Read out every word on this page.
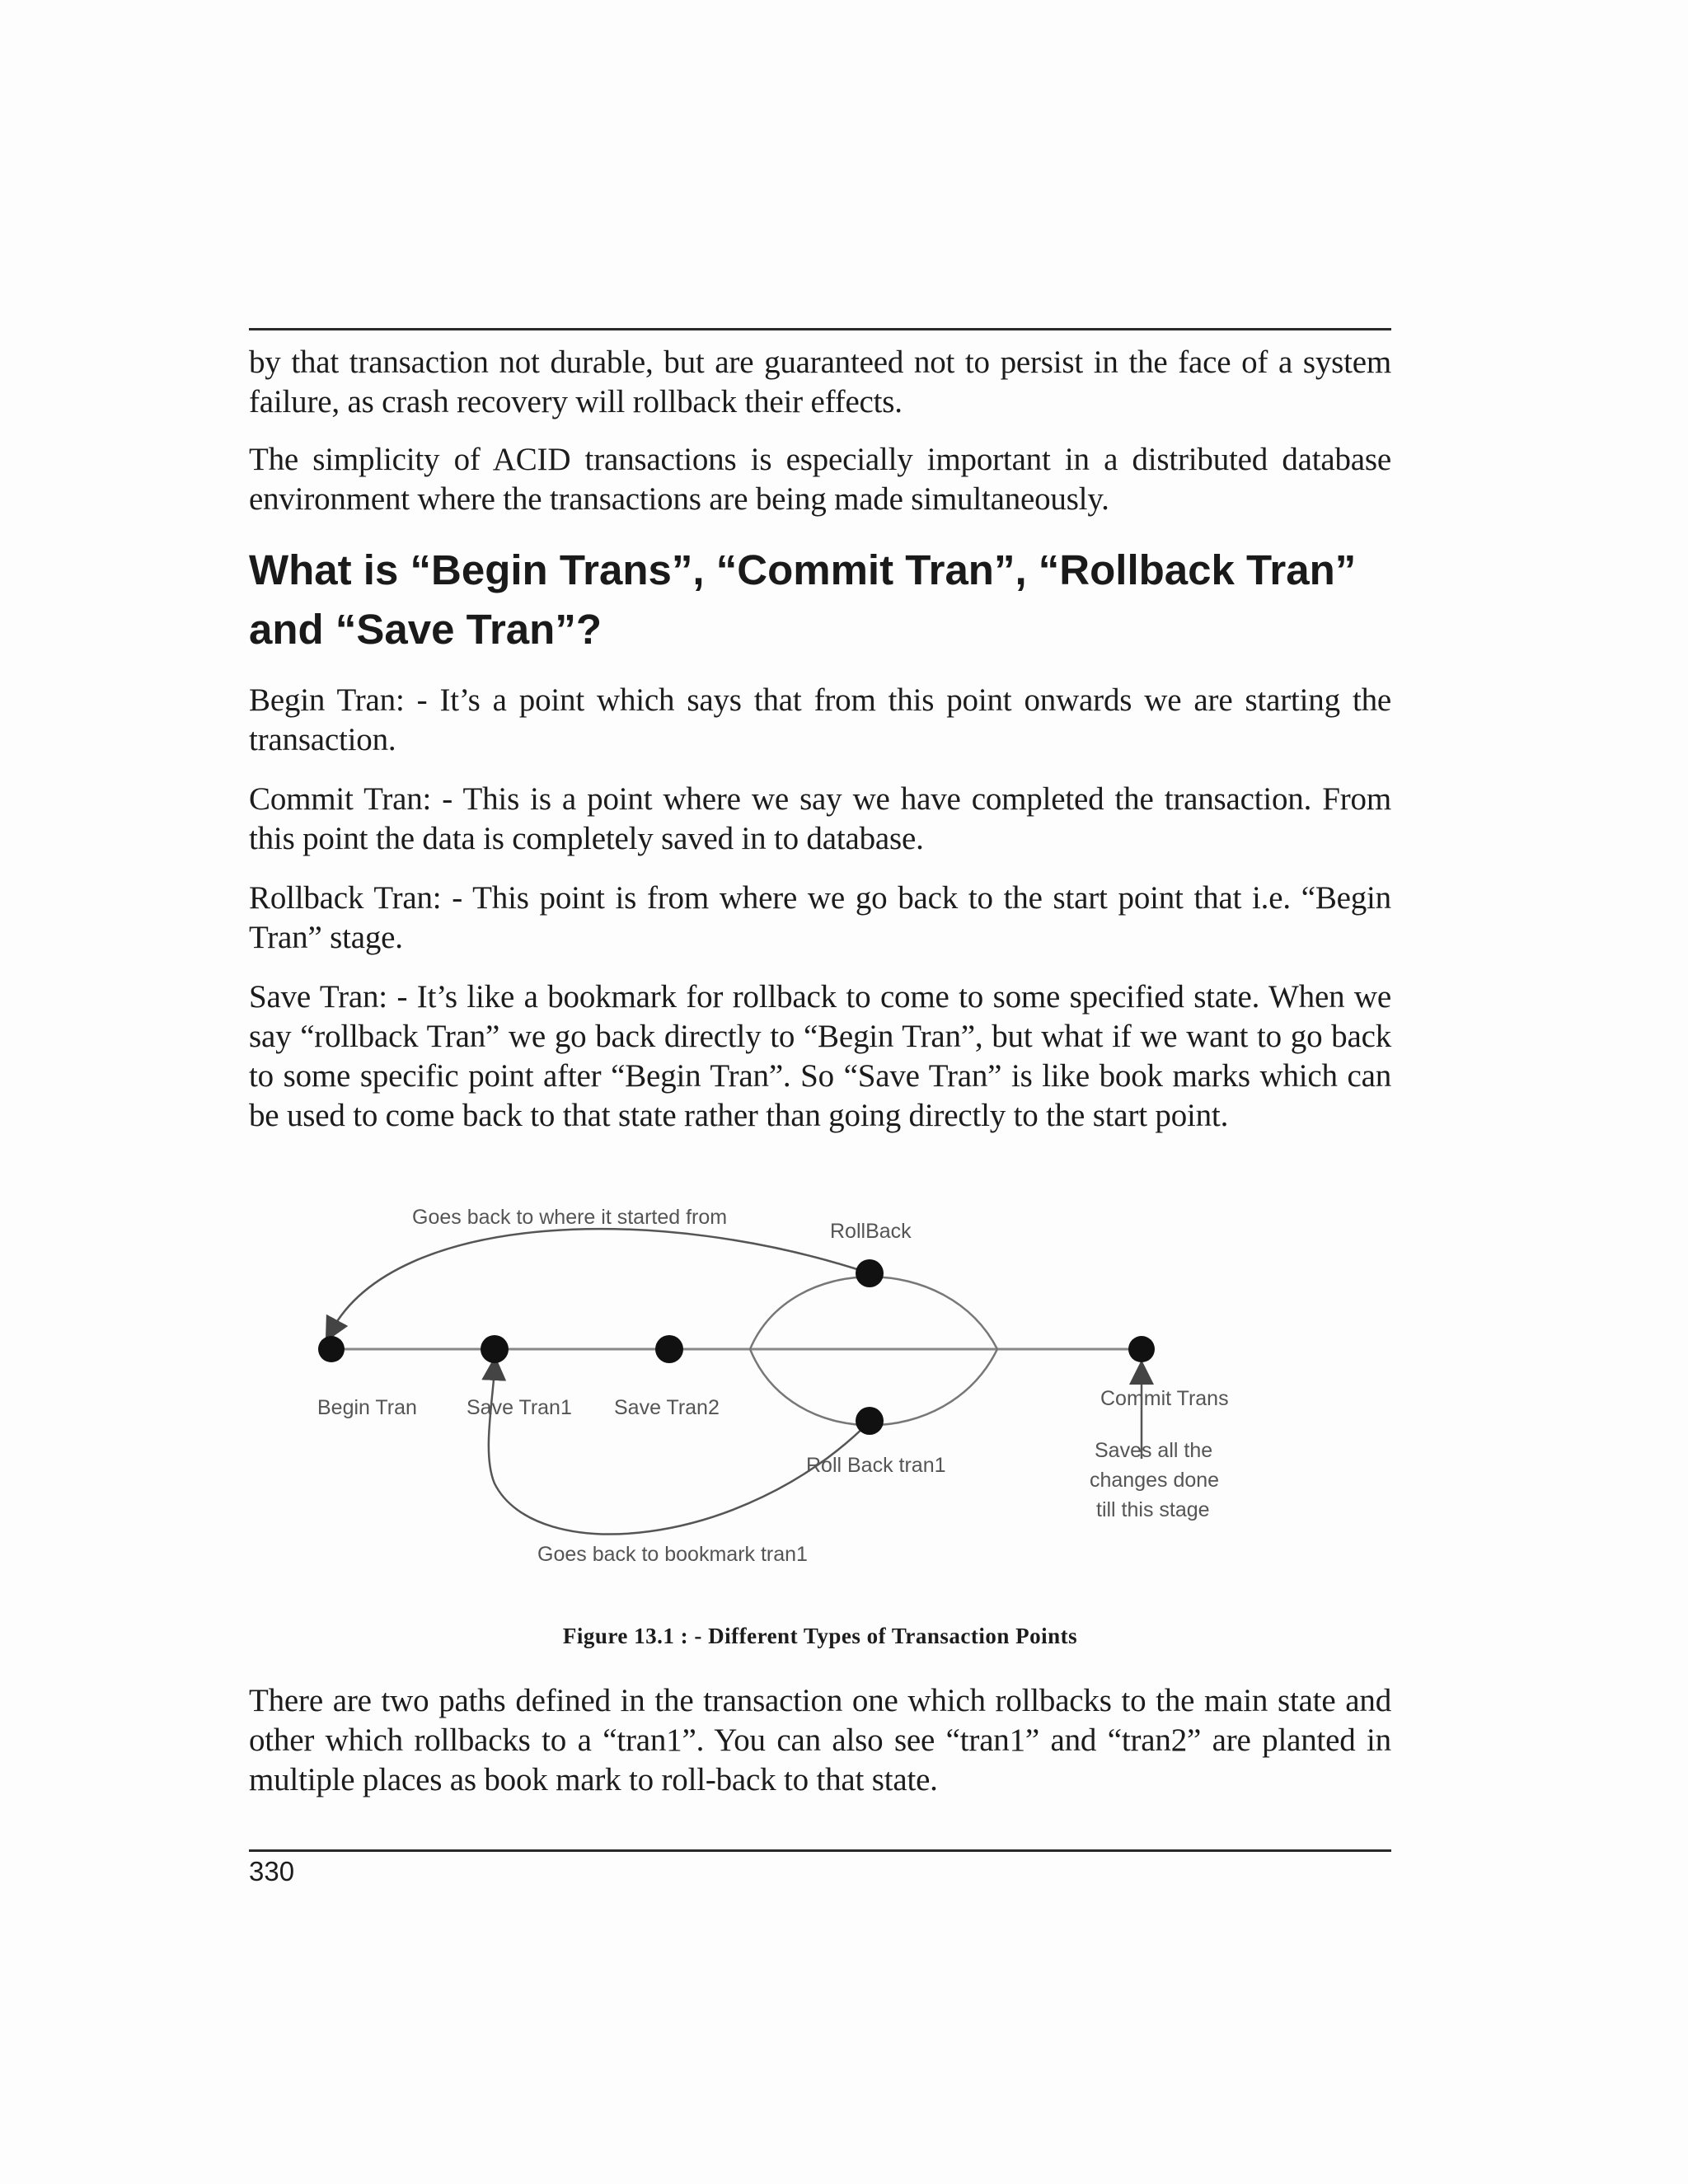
by that transaction not durable, but are guaranteed not to persist in the face of a system failure, as crash recovery will rollback their effects.

The simplicity of ACID transactions is especially important in a distributed database environment where the transactions are being made simultaneously.

What is “Begin Trans”, “Commit Tran”, “Rollback Tran” and “Save Tran”?

Begin Tran: - It’s a point which says that from this point onwards we are starting the transaction.

Commit Tran: - This is a point where we say we have completed the transaction. From this point the data is completely saved in to database.

Rollback Tran: - This point is from where we go back to the start point that i.e. “Begin Tran” stage.

Save Tran: - It’s like a bookmark for rollback to come to some specified state. When we say “rollback Tran” we go back directly to “Begin Tran”, but what if we want to go back to some specific point after “Begin Tran”. So “Save Tran” is like book marks which can be used to come back to that state rather than going directly to the start point.

Goes back to where it started from
RollBack
Begin Tran Save Tran1 Save Tran2	Commit Trans
Roll Back tran1
Saves all the
changes done
till this stage
Goes back to bookmark tran1
Figure 13.1 : - Different Types of Transaction Points

There are two paths defined in the transaction one which rollbacks to the main state and other which rollbacks to a “tran1”. You can also see “tran1” and “tran2” are planted in multiple places as book mark to roll-back to that state.

330
